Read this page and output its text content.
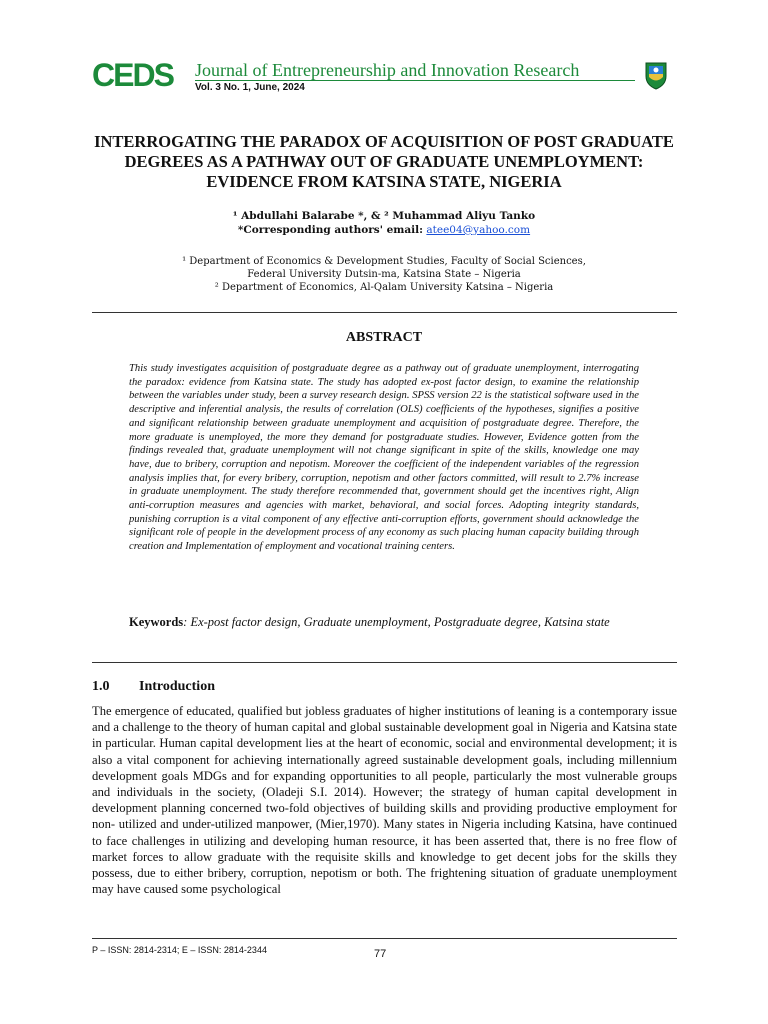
CEDS Journal of Entrepreneurship and Innovation Research
Vol. 3 No. 1, June, 2024
INTERROGATING THE PARADOX OF ACQUISITION OF POST GRADUATE DEGREES AS A PATHWAY OUT OF GRADUATE UNEMPLOYMENT: EVIDENCE FROM KATSINA STATE, NIGERIA
¹ Abdullahi Balarabe *, & ² Muhammad Aliyu Tanko
*Corresponding authors' email: atee04@yahoo.com
¹ Department of Economics & Development Studies, Faculty of Social Sciences,
Federal University Dutsin-ma, Katsina State – Nigeria
² Department of Economics, Al-Qalam University Katsina – Nigeria
ABSTRACT
This study investigates acquisition of postgraduate degree as a pathway out of graduate unemployment, interrogating the paradox: evidence from Katsina state. The study has adopted ex-post factor design, to examine the relationship between the variables under study, been a survey research design. SPSS version 22 is the statistical software used in the descriptive and inferential analysis, the results of correlation (OLS) coefficients of the hypotheses, signifies a positive and significant relationship between graduate unemployment and acquisition of postgraduate degree. Therefore, the more graduate is unemployed, the more they demand for postgraduate studies. However, Evidence gotten from the findings revealed that, graduate unemployment will not change significant in spite of the skills, knowledge one may have, due to bribery, corruption and nepotism. Moreover the coefficient of the independent variables of the regression analysis implies that, for every bribery, corruption, nepotism and other factors committed, will result to 2.7% increase in graduate unemployment. The study therefore recommended that, government should get the incentives right, Align anti-corruption measures and agencies with market, behavioral, and social forces. Adopting integrity standards, punishing corruption is a vital component of any effective anti-corruption efforts, government should acknowledge the significant role of people in the development process of any economy as such placing human capacity building through creation and Implementation of employment and vocational training centers.
Keywords: Ex-post factor design, Graduate unemployment, Postgraduate degree, Katsina state
1.0 Introduction
The emergence of educated, qualified but jobless graduates of higher institutions of leaning is a contemporary issue and a challenge to the theory of human capital and global sustainable development goal in Nigeria and Katsina state in particular. Human capital development lies at the heart of economic, social and environmental development; it is also a vital component for achieving internationally agreed sustainable development goals, including millennium development goals MDGs and for expanding opportunities to all people, particularly the most vulnerable groups and individuals in the society, (Oladeji S.I. 2014). However; the strategy of human capital development in development planning concerned two-fold objectives of building skills and providing productive employment for non- utilized and under-utilized manpower, (Mier,1970). Many states in Nigeria including Katsina, have continued to face challenges in utilizing and developing human resource, it has been asserted that, there is no free flow of market forces to allow graduate with the requisite skills and knowledge to get decent jobs for the skills they possess, due to either bribery, corruption, nepotism or both. The frightening situation of graduate unemployment may have caused some psychological
P – ISSN: 2814-2314; E – ISSN: 2814-2344	77
